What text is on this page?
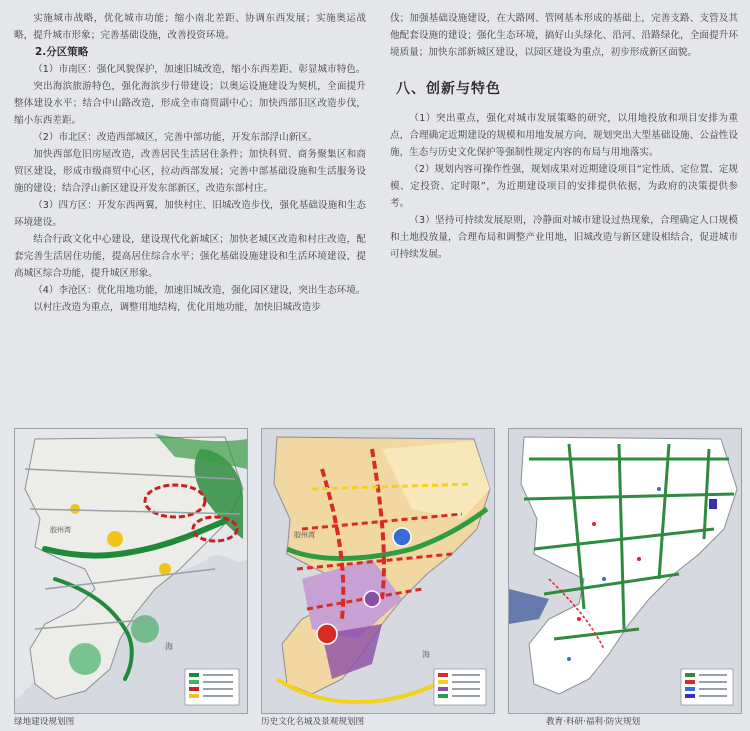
实施城市战略，优化城市功能；缩小南北差距、协调东西发展；实施奥运战略，提升城市形象；完善基础设施，改善投资环境。

2.分区策略

（1）市南区：强化风貌保护，加速旧城改造，缩小东西差距、彰显城市特色。

突出海滨旅游特色，强化海滨步行带建设；以奥运设施建设为契机，全面提升整体建设水平；结合中山路改造，形成全市商贸副中心；加快西部旧区改造步伐，缩小东西差距。

（2）市北区：改造西部城区，完善中部功能，开发东部浮山新区。

加快西部危旧房屋改造，改善居民生活居住条件；加快科贸、商务聚集区和商贸区建设，形成市级商贸中心区，拉动西部发展；完善中部基础设施和生活服务设施的建设；结合浮山新区建设开发东部新区，改造东部村庄。

（3）四方区：开发东西两翼，加快村庄、旧城改造步伐，强化基础设施和生态环境建设。

结合行政文化中心建设，建设现代化新城区；加快老城区改造和村庄改造，配套完善生活居住功能，提高居住综合水平；强化基础设施建设和生活环境建设，提高城区综合功能，提升城区形象。

（4）李沧区：优化用地功能，加速旧城改造，强化园区建设，突出生态环境。

以村庄改造为重点，调整用地结构，优化用地功能，加快旧城改造步

伐；加强基础设施建设，在大路网、管网基本形成的基础上，完善支路、支管及其他配套设施的建设；强化生态环境，搞好山头绿化、沿河、沿路绿化，全面提升环境质量；加快东部新城区建设，以园区建设为重点，初步形成新区面貌。

八、创新与特色

（1）突出重点，强化对城市发展策略的研究，以用地投放和项目安排为重点，合理确定近期建设的规模和用地发展方向，规划突出大型基础设施、公益性设施，生态与历史文化保护等强制性规定内容的布局与用地落实。

（2）规划内容可操作性强，规划成果对近期建设项目“定性质、定位置、定规模、定投资、定时限”，为近期建设项目的安排提供依据，为政府的决策提供参考。

（3）坚持可持续发展原则，冷静面对城市建设过热现象，合理确定人口规模和土地投放量，合理布局和调整产业用地，旧城改造与新区建设相结合，促进城市可持续发展。

胶州湾
海
胶州湾
海
绿地建设规划图	历史文化名城及景观规划图	教育·科研·福利·防灾规划
